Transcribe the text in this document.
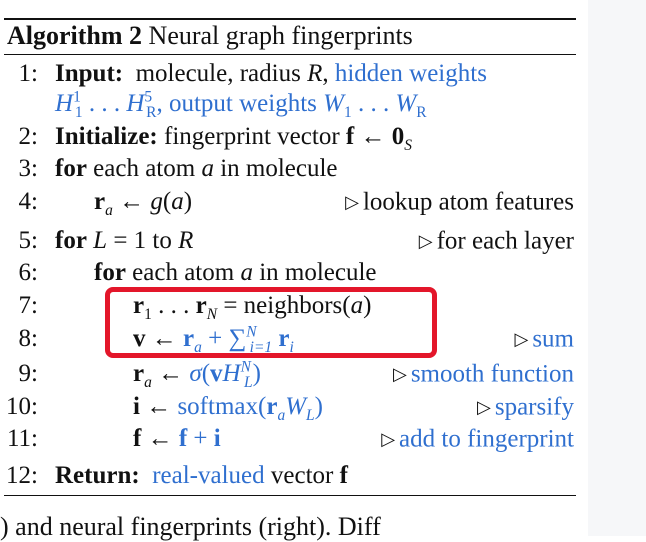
Algorithm 2 Neural graph fingerprints
1: Input: molecule, radius R, hidden weights
$H^1_1$ . . . $H^5_R$, output weights $W_1$ . . . $W_R$
2: Initialize: fingerprint vector f ← $0_S$
3: for each atom a in molecule
4: $r_a$ ← g(a)	▷ lookup atom features
5: for L = 1 to R	▷ for each layer
6: for each atom a in molecule
7:	$r_1$ . . . $r_N$ = neighbors(a)
8:	v ← $r_a + \sum^N_{i=1}$ $r_i$	▷ sum
9:	$r_a$ ← $\sigma(vH^N_L)$	▷ smooth function
10:	i ← $softmax(r_aW_L)$	▷ sparsify
11:	f ← f + i	▷ add to fingerprint
12: Return: real-valued vector f
) and neural fingerprints (right). Diff
